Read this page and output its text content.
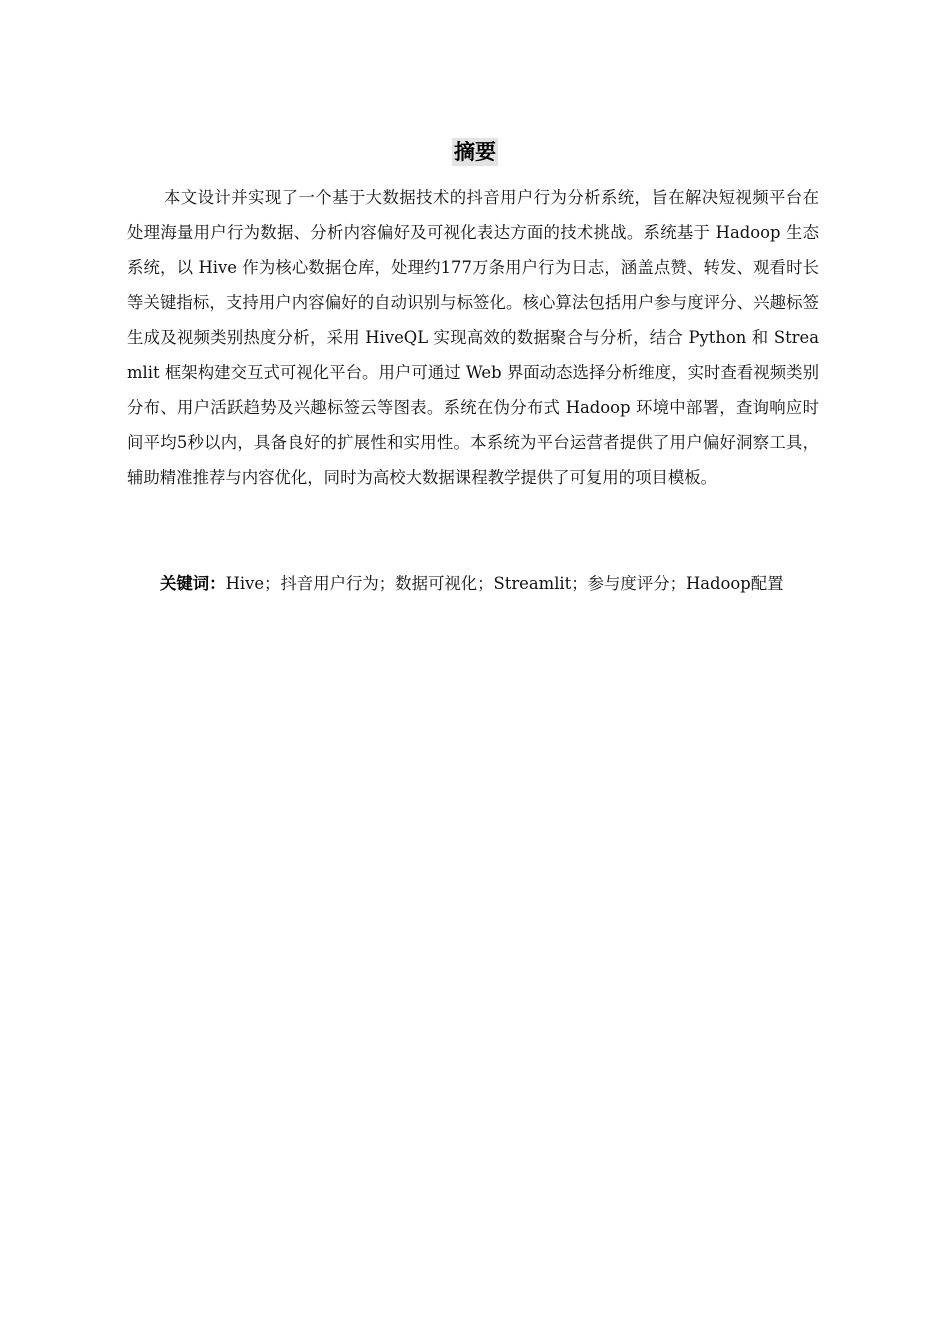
摘要

本文设计并实现了一个基于大数据技术的抖音用户行为分析系统，旨在解决短视频平台在处理海量用户行为数据、分析内容偏好及可视化表达方面的技术挑战。系统基于 Hadoop 生态系统，以 Hive 作为核心数据仓库，处理约177万条用户行为日志，涵盖点赞、转发、观看时长等关键指标，支持用户内容偏好的自动识别与标签化。核心算法包括用户参与度评分、兴趣标签生成及视频类别热度分析，采用 HiveQL 实现高效的数据聚合与分析，结合 Python 和 Streamlit 框架构建交互式可视化平台。用户可通过 Web 界面动态选择分析维度，实时查看视频类别分布、用户活跃趋势及兴趣标签云等图表。系统在伪分布式 Hadoop 环境中部署，查询响应时间平均5秒以内，具备良好的扩展性和实用性。本系统为平台运营者提供了用户偏好洞察工具，辅助精准推荐与内容优化，同时为高校大数据课程教学提供了可复用的项目模板。

关键词：Hive；抖音用户行为；数据可视化；Streamlit；参与度评分；Hadoop配置
